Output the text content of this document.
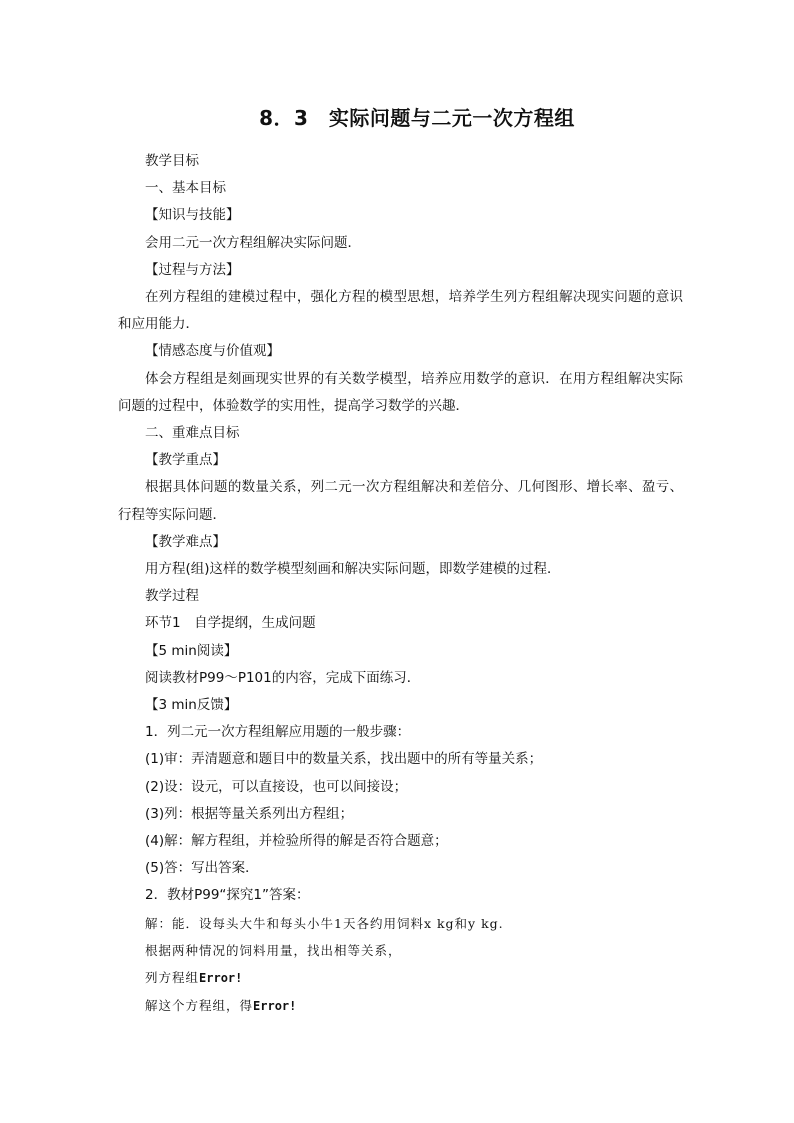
8．3　实际问题与二元一次方程组

教学目标

一、基本目标

【知识与技能】

会用二元一次方程组解决实际问题．

【过程与方法】

在列方程组的建模过程中，强化方程的模型思想，培养学生列方程组解决现实问题的意识和应用能力．

【情感态度与价值观】

体会方程组是刻画现实世界的有关数学模型，培养应用数学的意识．在用方程组解决实际问题的过程中，体验数学的实用性，提高学习数学的兴趣．

二、重难点目标

【教学重点】

根据具体问题的数量关系，列二元一次方程组解决和差倍分、几何图形、增长率、盈亏、行程等实际问题．

【教学难点】

用方程(组)这样的数学模型刻画和解决实际问题，即数学建模的过程．

教学过程

环节1　自学提纲，生成问题

【5 min阅读】

阅读教材P99～P101的内容，完成下面练习．

【3 min反馈】

1．列二元一次方程组解应用题的一般步骤：

(1)审：弄清题意和题目中的数量关系，找出题中的所有等量关系；

(2)设：设元，可以直接设，也可以间接设；

(3)列：根据等量关系列出方程组；

(4)解：解方程组，并检验所得的解是否符合题意；

(5)答：写出答案．

2．教材P99“探究1”答案：

解：能．设每头大牛和每头小牛1天各约用饲料x kg和y kg.

根据两种情况的饲料用量，找出相等关系，

列方程组Error!

解这个方程组，得Error!
